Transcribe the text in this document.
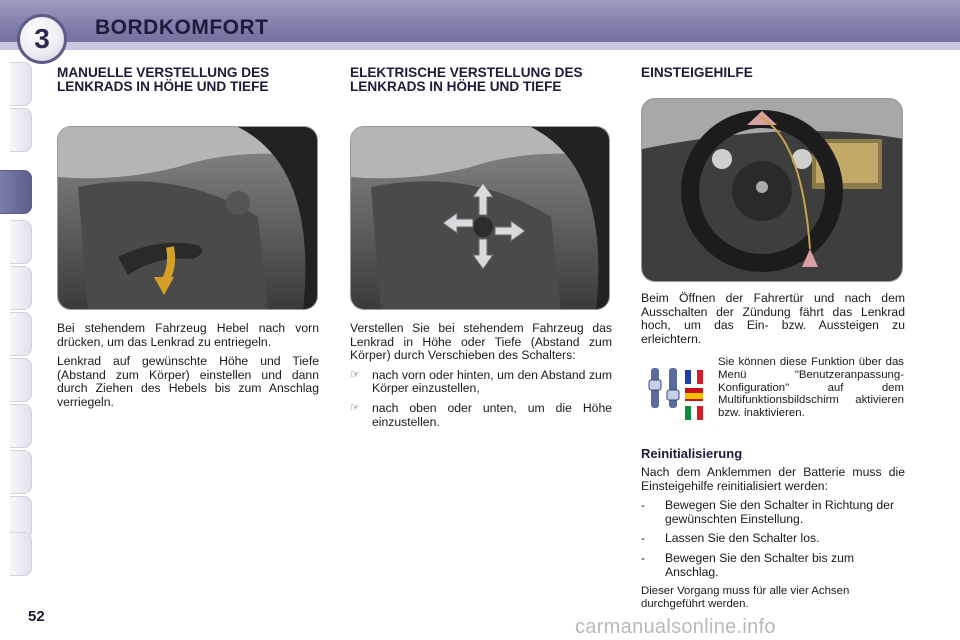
3	BORDKOMFORT
MANUELLE VERSTELLUNG DES LENKRADS IN HÖHE UND TIEFE

Bei stehendem Fahrzeug Hebel nach vorn drücken, um das Lenkrad zu entriegeln.

Lenkrad auf gewünschte Höhe und Tiefe (Abstand zum Körper) einstellen und dann durch Ziehen des Hebels bis zum Anschlag verriegeln.

ELEKTRISCHE VERSTELLUNG DES LENKRADS IN HÖHE UND TIEFE

Verstellen Sie bei stehendem Fahrzeug das Lenkrad in Höhe oder Tiefe (Abstand zum Körper) durch Verschieben des Schalters:

☞ nach vorn oder hinten, um den Abstand zum Körper einzustellen,
☞ nach oben oder unten, um die Höhe einzustellen.
EINSTEIGEHILFE

Beim Öffnen der Fahrertür und nach dem Ausschalten der Zündung fährt das Lenkrad hoch, um das Ein- bzw. Aussteigen zu erleichtern.

Sie können diese Funktion über das Menü "Benutzeranpassung-Konfiguration" auf dem Multifunktionsbildschirm aktivieren bzw. inaktivieren.

Reinitialisierung

Nach dem Anklemmen der Batterie muss die Einsteigehilfe reinitialisiert werden:

-	Bewegen Sie den Schalter in Richtung der gewünschten Einstellung.
-	Lassen Sie den Schalter los.
-	Bewegen Sie den Schalter bis zum Anschlag.

Dieser Vorgang muss für alle vier Achsen durchgeführt werden.

52	carmanualsonline.info
